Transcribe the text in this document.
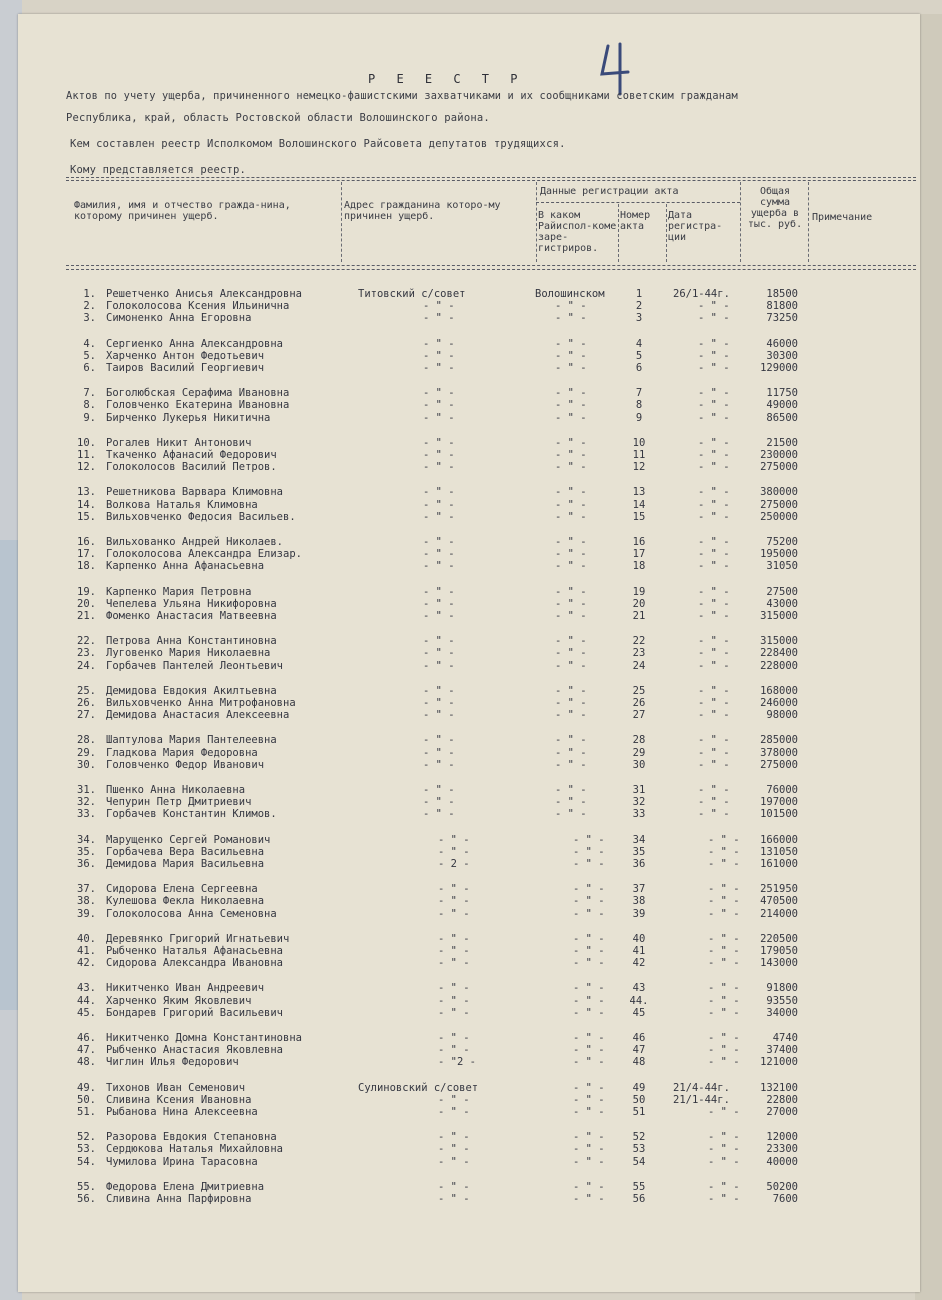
Р Е Е С Т Р
Актов по учету ущерба, причиненного немецко-фашистскими захватчиками и их сообщниками советским гражданам
Республика, край, область Ростовской области Волошинского района.
Кем составлен реестр Исполкомом Волошинского Райсовета депутатов трудящихся.
Кому представляется реестр.
Фамилия, имя и отчество гражда-нина, которому причинен ущерб.
Адрес гражданина которо-му причинен ущерб.
Данные регистрации акта
В каком Райиспол-коме заре-гистриров.
Номер акта
Дата регистра-ции
Общая сумма ущерба в тыс. руб.
Примечание
1. Решетченко Анисья Александровна	Титовский с/совет	Волошинском	1	26/1-44г.	18500
2. Голоколосова Ксения Ильинична	- " -	- " -	2	- " -	81800
3. Симоненко Анна Егоровна	- " -	- " -	3	- " -	73250
4. Сергиенко Анна Александровна	- " -	- " -	4	- " -	46000
5. Харченко Антон Федотьевич	- " -	- " -	5	- " -	30300
6. Таиров Василий Георгиевич	- " -	- " -	6	- " -	129000
7. Боголюбская Серафима Ивановна	- " -	- " -	7	- " -	11750
8. Головченко Екатерина Ивановна	- " -	- " -	8	- " -	49000
9. Бирченко Лукерья Никитична	- " -	- " -	9	- " -	86500
10. Рогалев Никит Антонович	- " -	- " -	10	- " -	21500
11. Ткаченко Афанасий Федорович	- " -	- " -	11	- " -	230000
12. Голоколосов Василий Петров.	- " -	- " -	12	- " -	275000
13. Решетникова Варвара Климовна	- " -	- " -	13	- " -	380000
14. Волкова Наталья Климовна	- " -	- " -	14	- " -	275000
15. Вильховченко Федосия Васильев.	- " -	- " -	15	- " -	250000
16. Вильхованко Андрей Николаев.	- " -	- " -	16	- " -	75200
17. Голоколосова Александра Елизар.	- " -	- " -	17	- " -	195000
18. Карпенко Анна Афанасьевна	- " -	- " -	18	- " -	31050
19. Карпенко Мария Петровна	- " -	- " -	19	- " -	27500
20. Чепелева Ульяна Никифоровна	- " -	- " -	20	- " -	43000
21. Фоменко Анастасия Матвеевна	- " -	- " -	21	- " -	315000
22. Петрова Анна Константиновна	- " -	- " -	22	- " -	315000
23. Луговенко Мария Николаевна	- " -	- " -	23	- " -	228400
24. Горбачев Пантелей Леонтьевич	- " -	- " -	24	- " -	228000
25. Демидова Евдокия Акилтьевна	- " -	- " -	25	- " -	168000
26. Вильховченко Анна Митрофановна	- " -	- " -	26	- " -	246000
27. Демидова Анастасия Алексеевна	- " -	- " -	27	- " -	98000
28. Шаптулова Мария Пантелеевна	- " -	- " -	28	- " -	285000
29. Гладкова Мария Федоровна	- " -	- " -	29	- " -	378000
30. Головченко Федор Иванович	- " -	- " -	30	- " -	275000
31. Пшенко Анна Николаевна	- " -	- " -	31	- " -	76000
32. Чепурин Петр Дмитриевич	- " -	- " -	32	- " -	197000
33. Горбачев Константин Климов.	- " -	- " -	33	- " -	101500
34. Марущенко Сергей Романович	- " -	- " -	34	- " -	166000
35. Горбачева Вера Васильевна	- " -	- " -	35	- " -	131050
36. Демидова Мария Васильевна	- 2 -	- " -	36	- " -	161000
37. Сидорова Елена Сергеевна	- " -	- " -	37	- " -	251950
38. Кулешова Фекла Николаевна	- " -	- " -	38	- " -	470500
39. Голоколосова Анна Семеновна	- " -	- " -	39	- " -	214000
40. Деревянко Григорий Игнатьевич	- " -	- " -	40	- " -	220500
41. Рыбченко Наталья Афанасьевна	- " -	- " -	41	- " -	179050
42. Сидорова Александра Ивановна	- " -	- " -	42	- " -	143000
43. Никитченко Иван Андреевич	- " -	- " -	43	- " -	91800
44. Харченко Яким Яковлевич	- " -	- " -	44.	- " -	93550
45. Бондарев Григорий Васильевич	- " -	- " -	45	- " -	34000
46. Никитченко Домна Константиновна	- " -	- " -	46	- " -	4740
47. Рыбченко Анастасия Яковлевна	- " -	- " -	47	- " -	37400
48. Чиглин Илья Федорович	- "2 -	- " -	48	- " -	121000
49. Тихонов Иван Семенович	Сулиновский с/совет	- " -	49	21/4-44г.	132100
50. Сливина Ксения Ивановна	- " -	- " -	50	21/1-44г.	22800
51. Рыбанова Нина Алексеевна	- " -	- " -	51	- " -	27000
52. Разорова Евдокия Степановна	- " -	- " -	52	- " -	12000
53. Сердюкова Наталья Михайловна	- " -	- " -	53	- " -	23300
54. Чумилова Ирина Тарасовна	- " -	- " -	54	- " -	40000
55. Федорова Елена Дмитриевна	- " -	- " -	55	- " -	50200
56. Сливина Анна Парфировна	- " -	- " -	56	- " -	7600
